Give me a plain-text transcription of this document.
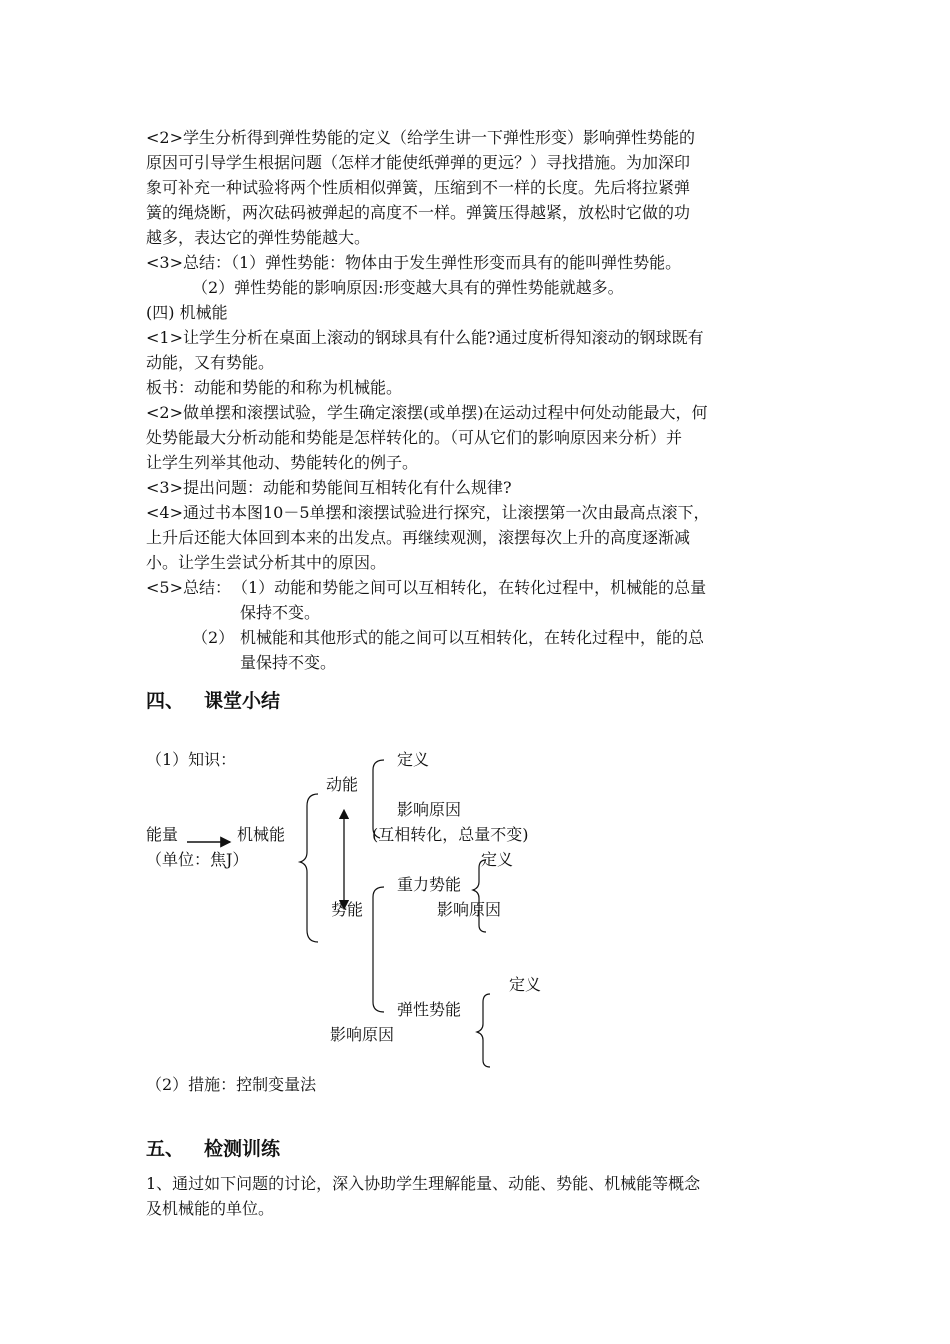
<2>学生分析得到弹性势能的定义（给学生讲一下弹性形变）影响弹性势能的
原因可引导学生根据问题（怎样才能使纸弹弹的更远？）寻找措施。为加深印
象可补充一种试验将两个性质相似弹簧，压缩到不一样的长度。先后将拉紧弹
簧的绳烧断，两次砝码被弹起的高度不一样。弹簧压得越紧，放松时它做的功
越多，表达它的弹性势能越大。
<3>总结：（1）弹性势能：物体由于发生弹性形变而具有的能叫弹性势能。
（2）弹性势能的影响原因:形变越大具有的弹性势能就越多。
(四) 机械能
<1>让学生分析在桌面上滚动的钢球具有什么能?通过度析得知滚动的钢球既有
动能，又有势能。
板书：动能和势能的和称为机械能。
<2>做单摆和滚摆试验，学生确定滚摆(或单摆)在运动过程中何处动能最大，何
处势能最大分析动能和势能是怎样转化的。（可从它们的影响原因来分析）并
让学生列举其他动、势能转化的例子。
<3>提出问题：动能和势能间互相转化有什么规律?
<4>通过书本图10－5单摆和滚摆试验进行探究，让滚摆第一次由最高点滚下，
上升后还能大体回到本来的出发点。再继续观测，滚摆每次上升的高度逐渐减
小。让学生尝试分析其中的原因。
<5>总结： （1）动能和势能之间可以互相转化，在转化过程中，机械能的总量
保持不变。
（2） 机械能和其他形式的能之间可以互相转化，在转化过程中，能的总
量保持不变。
四、 课堂小结
（1）知识：
能量
（单位：焦J）
机械能
动能
定义
影响原因
(互相转化，总量不变)
势能
重力势能
定义
影响原因
弹性势能
定义
影响原因
（2）措施：控制变量法
五、 检测训练
1、通过如下问题的讨论，深入协助学生理解能量、动能、势能、机械能等概念
及机械能的单位。
